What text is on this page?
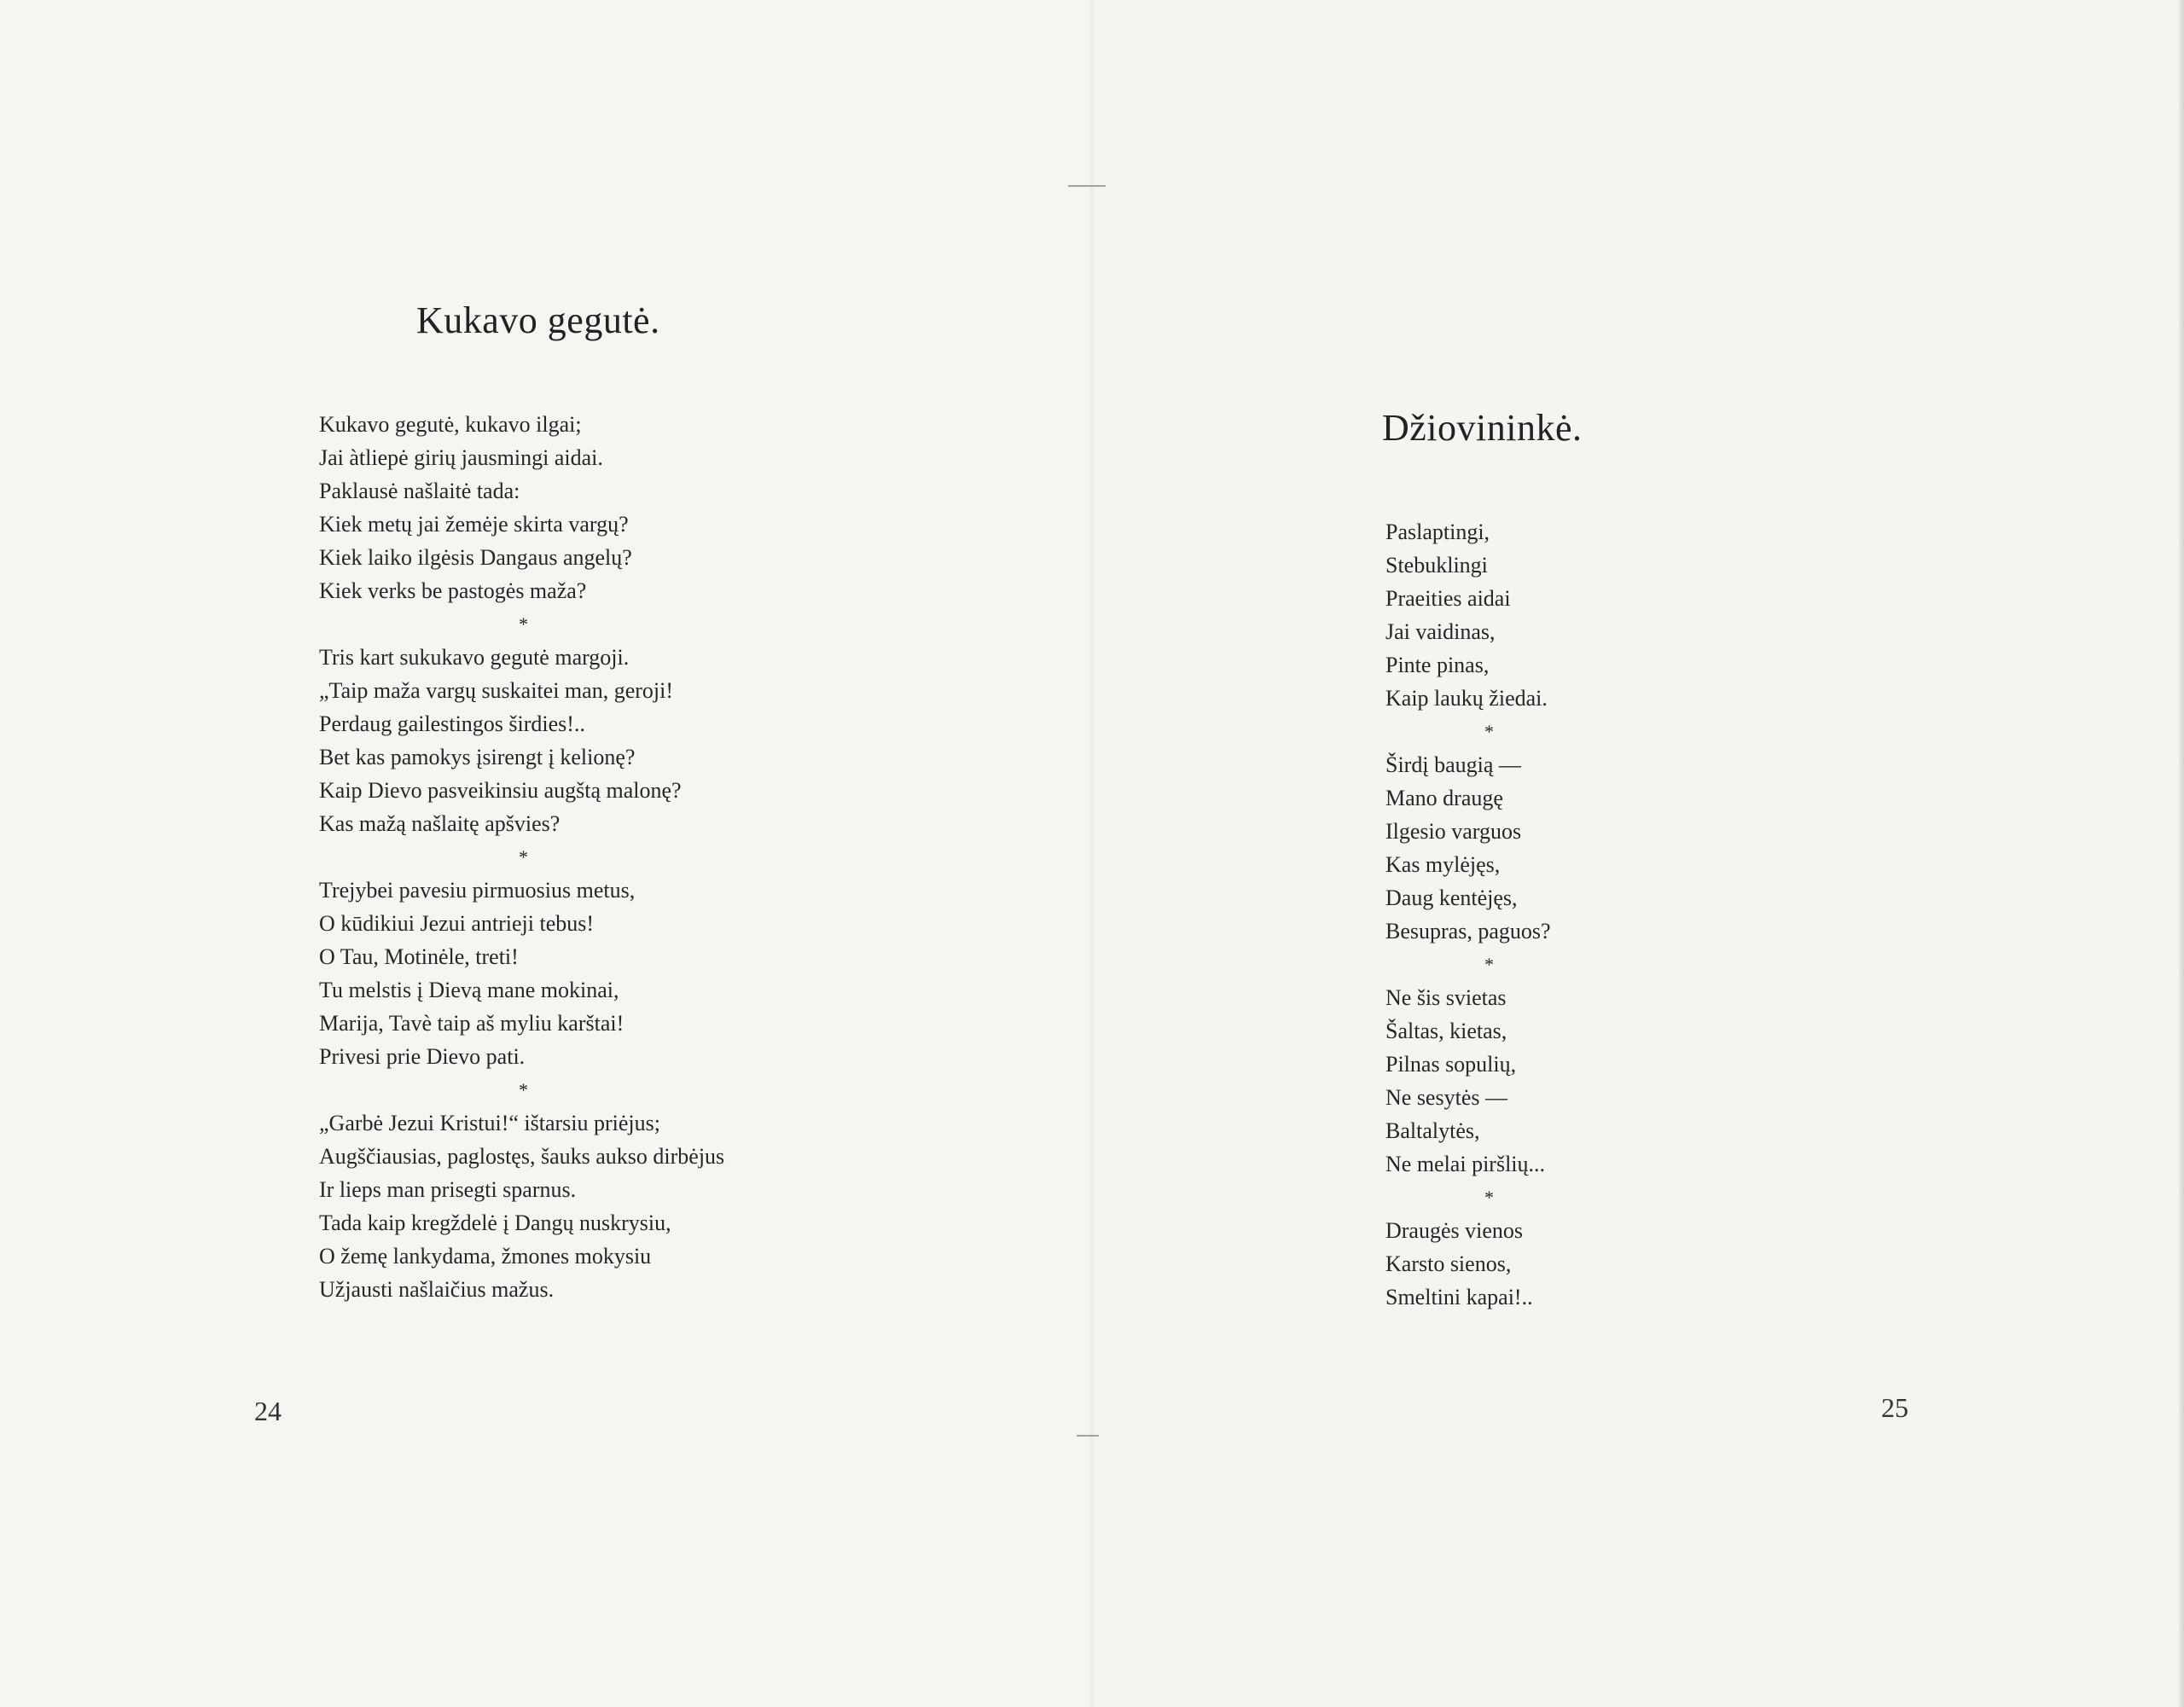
Kukavo gegutė.
Kukavo gegutė, kukavo ilgai;
Jai àtliepė girių jausmingi aidai.
Paklausė našlaitė tada:
Kiek metų jai žemėje skirta vargų?
Kiek laiko ilgėsis Dangaus angelų?
Kiek verks be pastogės maža?
*
Tris kart sukukavo gegutė margoji.
„Taip maža vargų suskaitei man, geroji!
Perdaug gailestingos širdies!..
Bet kas pamokys įsirengt į kelionę?
Kaip Dievo pasveikinsiu augštą malonę?
Kas mažą našlaitę apšvies?
*
Trejybei pavesiu pirmuosius metus,
O kūdikiui Jezui antrieji tebus!
O Tau, Motinėle, treti!
Tu melstis į Dievą mane mokinai,
Marija, Tavè taip aš myliu karštai!
Privesi prie Dievo pati.
*
„Garbė Jezui Kristui!“ ištarsiu priėjus;
Augščiausias, paglostęs, šauks aukso dirbėjus
Ir lieps man prisegti sparnus.
Tada kaip kregždelė į Dangų nuskrysiu,
O žemę lankydama, žmones mokysiu
Užjausti našlaičius mažus.
24
Džiovininkė.
Paslaptingi,
Stebuklingi
Praeities aidai
Jai vaidinas,
Pinte pinas,
Kaip laukų žiedai.
*
Širdį baugią —
Mano draugę
Ilgesio varguos
Kas mylėjęs,
Daug kentėjęs,
Besupras, paguos?
*
Ne šis svietas
Šaltas, kietas,
Pilnas sopulių,
Ne sesytės —
Baltalytės,
Ne melai piršlių...
*
Draugės vienos
Karsto sienos,
Smeltini kapai!..
25
